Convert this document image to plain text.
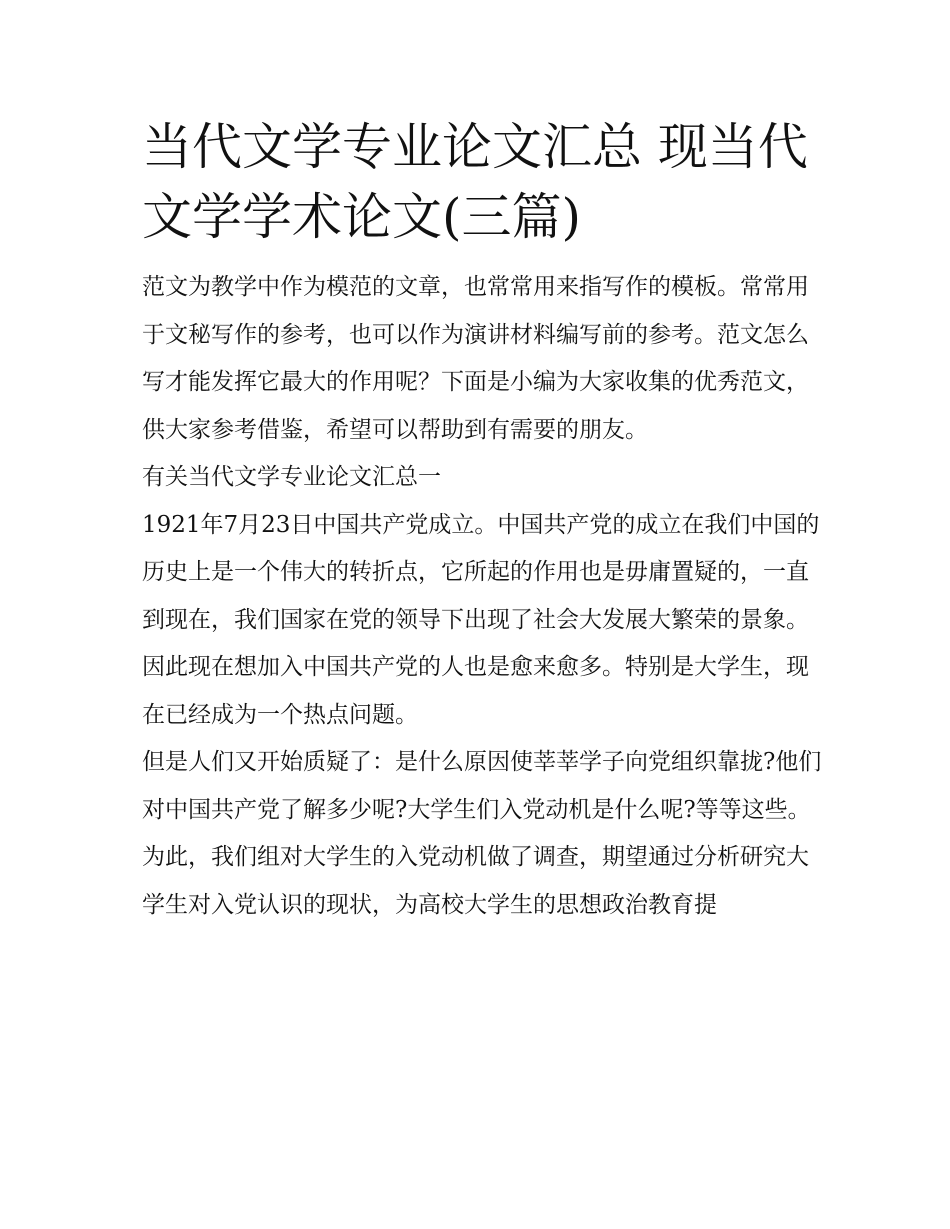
当代文学专业论文汇总 现当代文学学术论文(三篇)

范文为教学中作为模范的文章，也常常用来指写作的模板。常常用于文秘写作的参考，也可以作为演讲材料编写前的参考。范文怎么写才能发挥它最大的作用呢？下面是小编为大家收集的优秀范文，供大家参考借鉴，希望可以帮助到有需要的朋友。

有关当代文学专业论文汇总一

1921年7月23日中国共产党成立。中国共产党的成立在我们中国的历史上是一个伟大的转折点，它所起的作用也是毋庸置疑的，一直到现在，我们国家在党的领导下出现了社会大发展大繁荣的景象。因此现在想加入中国共产党的人也是愈来愈多。特别是大学生，现在已经成为一个热点问题。

但是人们又开始质疑了：是什么原因使莘莘学子向党组织靠拢?他们对中国共产党了解多少呢?大学生们入党动机是什么呢?等等这些。

为此，我们组对大学生的入党动机做了调查，期望通过分析研究大学生对入党认识的现状，为高校大学生的思想政治教育提
